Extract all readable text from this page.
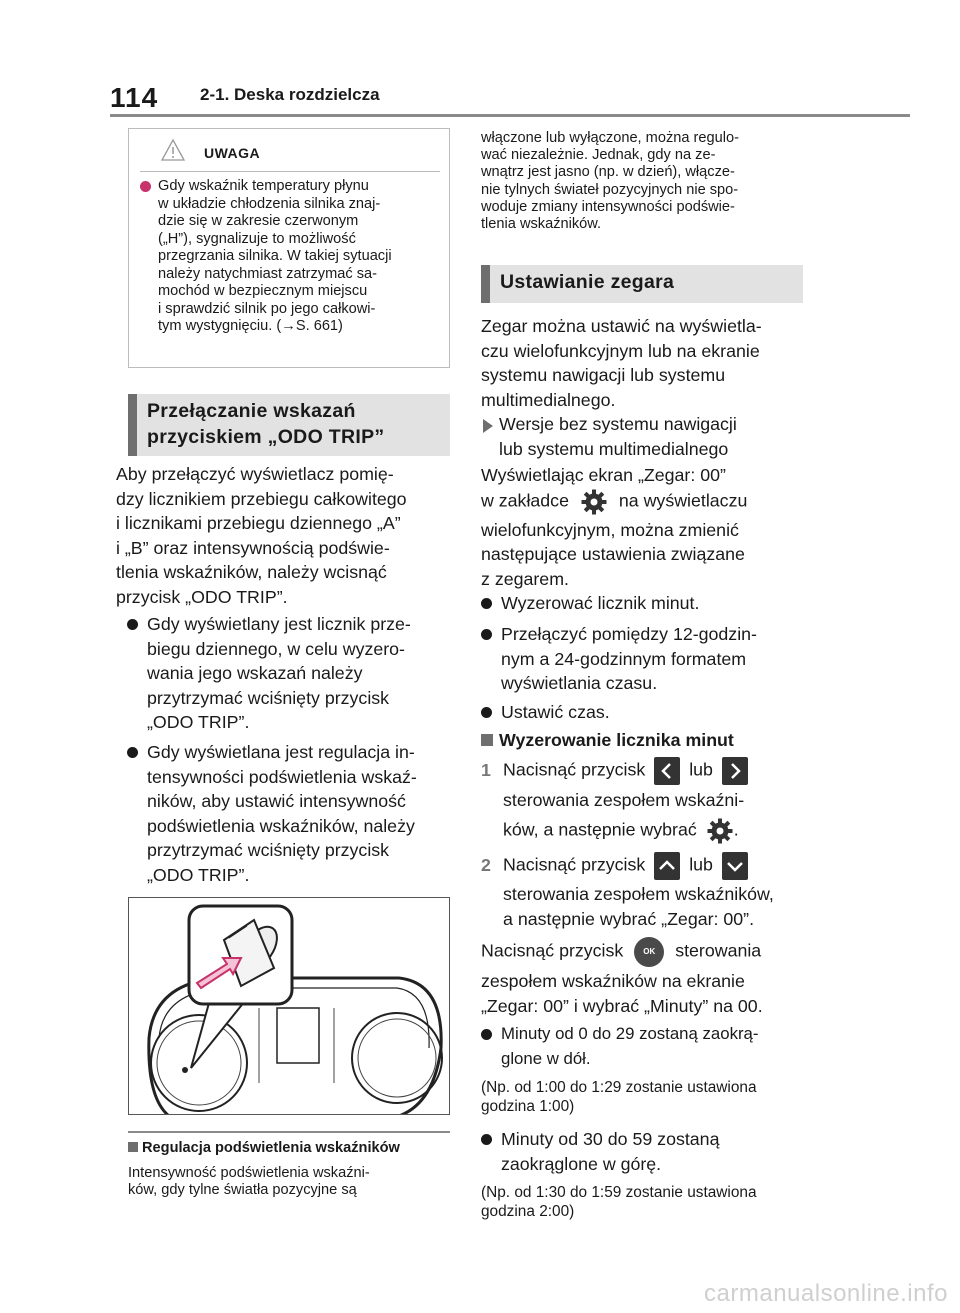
114 2-1. Deska rozdzielcza
UWAGA
Gdy wskaźnik temperatury płynu
w układzie chłodzenia silnika znaj-
dzie się w zakresie czerwonym
(„H”), sygnalizuje to możliwość
przegrzania silnika. W takiej sytuacji
należy natychmiast zatrzymać sa-
mochód w bezpiecznym miejscu
i sprawdzić silnik po jego całkowi-
tym wystygnięciu. (→S. 661)
Przełączanie wskazań
przyciskiem „ODO TRIP”
Aby przełączyć wyświetlacz pomię-
dzy licznikiem przebiegu całkowitego
i licznikami przebiegu dziennego „A”
i „B” oraz intensywnością podświe-
tlenia wskaźników, należy wcisnąć
przycisk „ODO TRIP”.
Gdy wyświetlany jest licznik prze-
biegu dziennego, w celu wyzero-
wania jego wskazań należy
przytrzymać wciśnięty przycisk
„ODO TRIP”.
Gdy wyświetlana jest regulacja in-
tensywności podświetlenia wskaź-
ników, aby ustawić intensywność
podświetlenia wskaźników, należy
przytrzymać wciśnięty przycisk
„ODO TRIP”.
Regulacja podświetlenia wskaźników
Intensywność podświetlenia wskaźni-
ków, gdy tylne światła pozycyjne są
włączone lub wyłączone, można regulo-
wać niezależnie. Jednak, gdy na ze-
wnątrz jest jasno (np. w dzień), włącze-
nie tylnych świateł pozycyjnych nie spo-
woduje zmiany intensywności podświe-
tlenia wskaźników.
Ustawianie zegara
Zegar można ustawić na wyświetla-
czu wielofunkcyjnym lub na ekranie
systemu nawigacji lub systemu
multimedialnego.
Wersje bez systemu nawigacji
lub systemu multimedialnego
Wyświetlając ekran „Zegar: 00”
w zakładce	na wyświetlaczu
wielofunkcyjnym, można zmienić
następujące ustawienia związane
z zegarem.
Wyzerować licznik minut.
Przełączyć pomiędzy 12-godzin-
nym a 24-godzinnym formatem
wyświetlania czasu.
Ustawić czas.
Wyzerowanie licznika minut
1 Nacisnąć przycisk lub
sterowania zespołem wskaźni-
ków, a następnie wybrać .
2 Nacisnąć przycisk lub
sterowania zespołem wskaźników,
a następnie wybrać „Zegar: 00”.
Nacisnąć przycisk OK sterowania
zespołem wskaźników na ekranie
„Zegar: 00” i wybrać „Minuty” na 00.
Minuty od 0 do 29 zostaną zaokrą-
glone w dół.
(Np. od 1:00 do 1:29 zostanie ustawiona
godzina 1:00)
Minuty od 30 do 59 zostaną
zaokrąglone w górę.
(Np. od 1:30 do 1:59 zostanie ustawiona
godzina 2:00)
carmanualsonline.info
